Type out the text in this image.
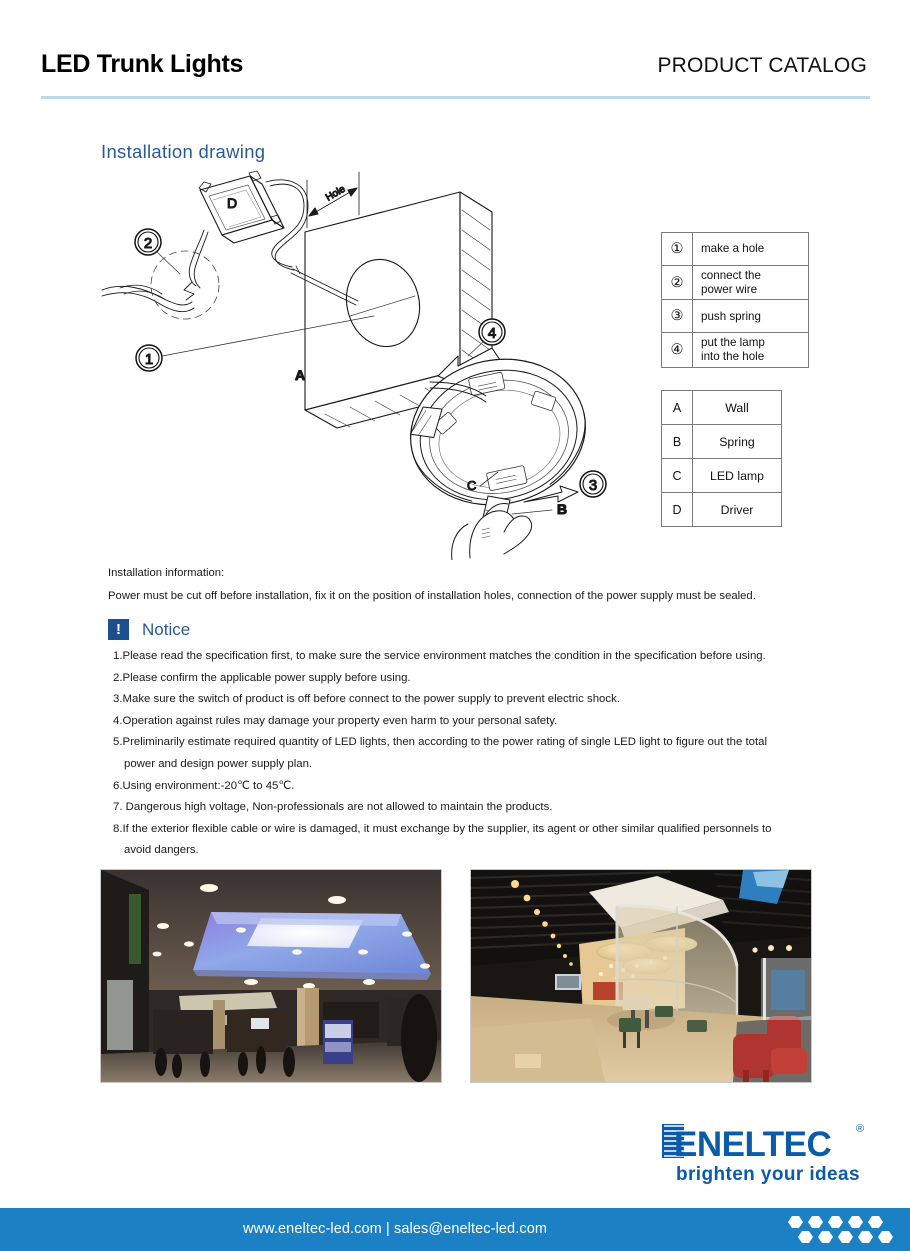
LED Trunk Lights	PRODUCT CATALOG
Installation drawing
Hole
2
1
A
D
4
3
B
C
①	make a hole
②	connect the
power wire
③	push spring
④	put the lamp
into the hole
A	Wall
B	Spring
C	LED lamp
D	Driver
Installation information:
Power must be cut off before installation, fix it on the position of installation holes, connection of the power supply must be sealed.
!	Notice
1.Please read the specification first, to make sure the service environment matches the condition in the specification before using.
2.Please confirm the applicable power supply before using.
3.Make sure the switch of product is off before connect to the power supply to prevent electric shock.
4.Operation against rules may damage your property even harm to your personal safety.
5.Preliminarily estimate required quantity of LED lights, then according to the power rating of single LED light to figure out the total
power and design power supply plan.
6.Using environment:-20℃ to 45℃.
7. Dangerous high voltage, Non-professionals are not allowed to maintain the products.
8.If the exterior flexible cable or wire is damaged, it must exchange by the supplier, its agent or other similar qualified personnels to
avoid dangers.
ENELTEC ®
brighten your ideas
www.eneltec-led.com | sales@eneltec-led.com
